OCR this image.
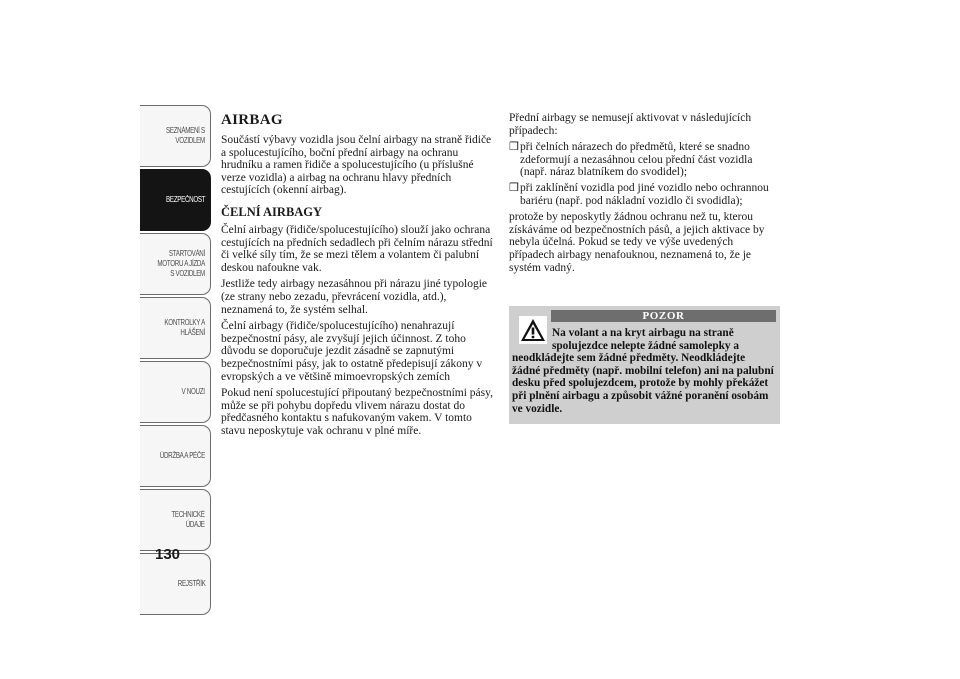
SEZNÁMENÍ S
VOZIDLEM
BEZPEČNOST
STARTOVÁNÍ
MOTORU A JÍZDA
S VOZIDLEM
KONTROLKY A
HLÁŠENÍ
V NOUZI
ÚDRŽBA A PÉČE
TECHNICKÉ
ÚDAJE
REJSTŘÍK
130
AIRBAG

Součástí výbavy vozidla jsou čelní airbagy na straně řidiče a spolucestujícího, boční přední airbagy na ochranu hrudníku a ramen řidiče a spolucestujícího (u příslušné verze vozidla) a airbag na ochranu hlavy předních cestujících (okenní airbag).

ČELNÍ AIRBAGY

Čelní airbagy (řidiče/spolucestujícího) slouží jako ochrana cestujících na předních sedadlech při čelním nárazu střední či velké síly tím, že se mezi tělem a volantem či palubní deskou nafoukne vak.

Jestliže tedy airbagy nezasáhnou při nárazu jiné typologie (ze strany nebo zezadu, převrácení vozidla, atd.), neznamená to, že systém selhal.

Čelní airbagy (řidiče/spolucestujícího) nenahrazují bezpečnostní pásy, ale zvyšují jejich účinnost. Z toho důvodu se doporučuje jezdit zásadně se zapnutými bezpečnostními pásy, jak to ostatně předepisují zákony v evropských a ve většině mimoevropských zemích

Pokud není spolucestující připoutaný bezpečnostními pásy, může se při pohybu dopředu vlivem nárazu dostat do předčasného kontaktu s nafukovaným vakem. V tomto stavu neposkytuje vak ochranu v plné míře.

Přední airbagy se nemusejí aktivovat v následujících případech:

❒ při čelních nárazech do předmětů, které se snadno zdeformují a nezasáhnou celou přední část vozidla (např. náraz blatníkem do svodidel);
❒ při zaklínění vozidla pod jiné vozidlo nebo ochrannou bariéru (např. pod nákladní vozidlo či svodidla);

protože by neposkytly žádnou ochranu než tu, kterou získáváme od bezpečnostních pásů, a jejich aktivace by nebyla účelná. Pokud se tedy ve výše uvedených případech airbagy nenafouknou, neznamená to, že je systém vadný.

POZOR
Na volant a na kryt airbagu na straně spolujezdce nelepte žádné samolepky a neodkládejte sem žádné předměty. Neodkládejte žádné předměty (např. mobilní telefon) ani na palubní desku před spolujezdcem, protože by mohly překážet při plnění airbagu a způsobit vážné poranění osobám ve vozidle.
